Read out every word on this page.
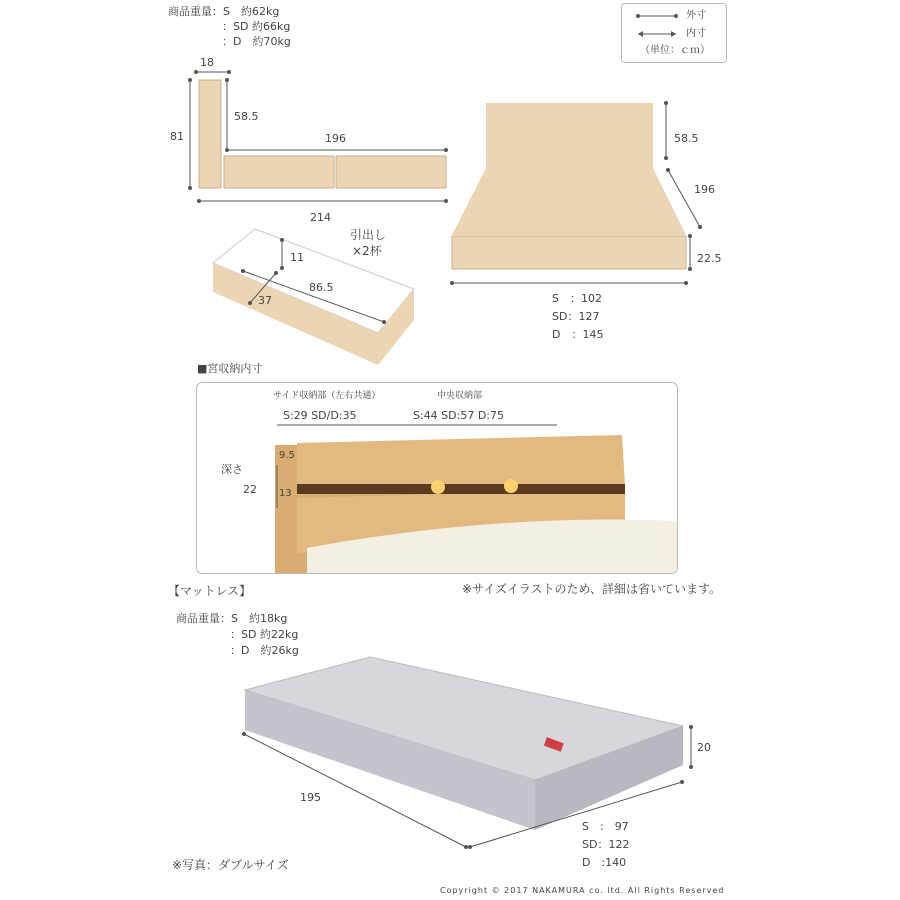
商品重量：S　約62kg
：SD 約66kg
：D　約70kg
外寸
内寸
（単位：ｃｍ）
18
81
58.5
196
214
58.5
196
22.5
S　：102
SD：127
D　：145
引出し
×2杯
11
86.5
37
■宮収納内寸
サイド収納部（左右共通）	中央収納部
S:29 SD/D:35	S:44 SD:57 D:75
深さ
22
9.5
13
※サイズイラストのため、詳細は省いています。
【マットレス】
商品重量：S　約18kg
：SD 約22kg
：D　約26kg
20
195
S　:　97
SD：122
D　:140
※写真：ダブルサイズ
Copyright © 2017 NAKAMURA co. ltd. All Rights Reserved
